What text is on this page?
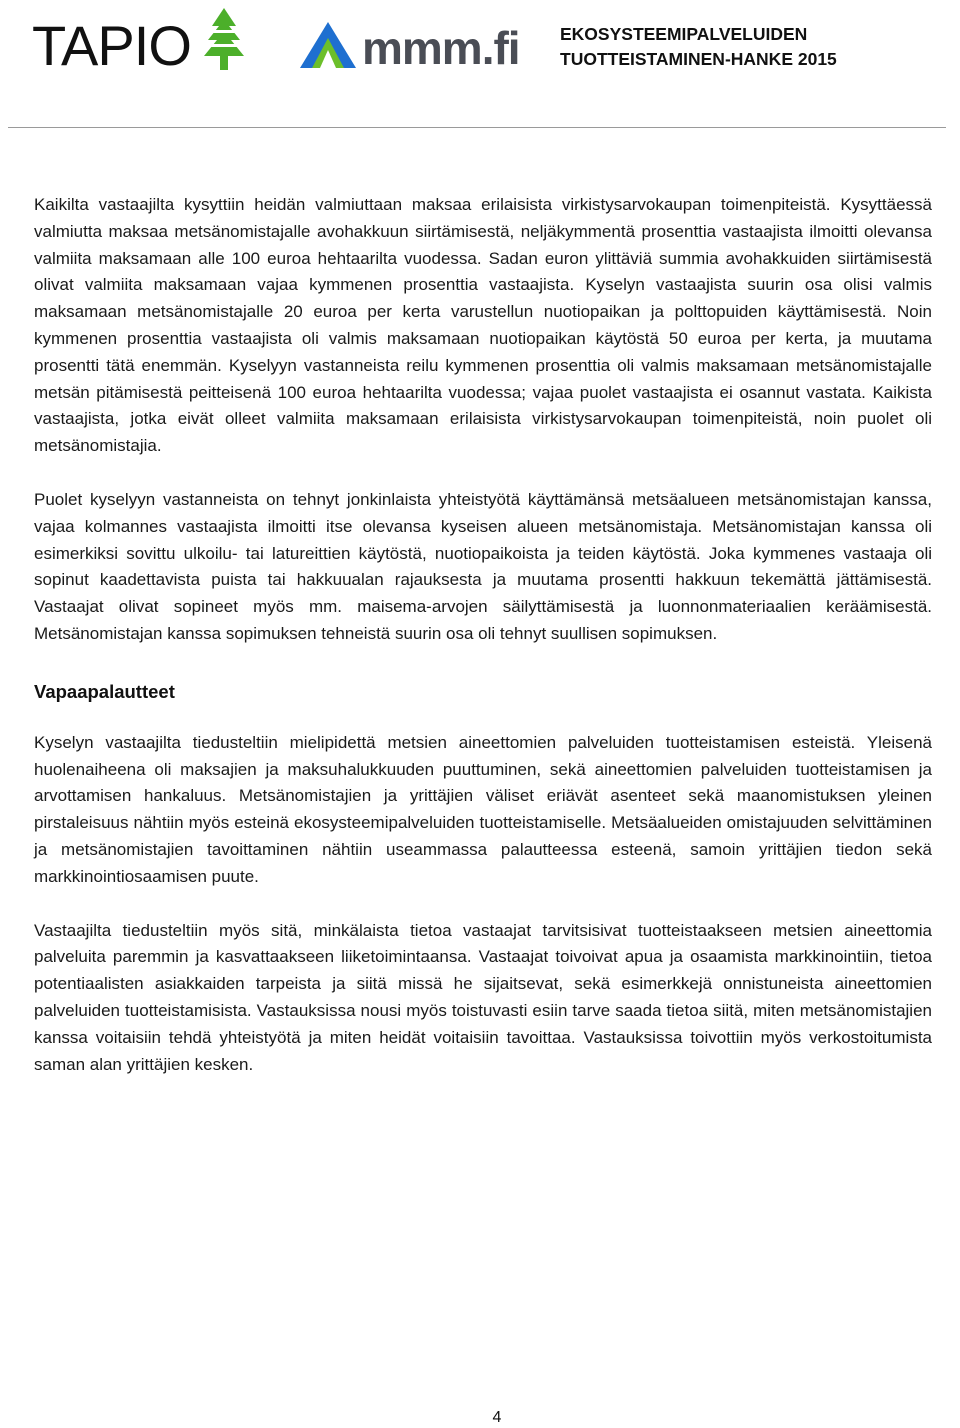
TAPIO	mmm.fi EKOSYSTEEMIPALVELUIDEN
TUOTTEISTAMINEN-HANKE 2015

Kaikilta vastaajilta kysyttiin heidän valmiuttaan maksaa erilaisista virkistysarvokaupan toimenpiteistä. Kysyttäessä valmiutta maksaa metsänomistajalle avohakkuun siirtämisestä, neljäkymmentä prosenttia vastaajista ilmoitti olevansa valmiita maksamaan alle 100 euroa hehtaarilta vuodessa. Sadan euron ylittäviä summia avohakkuiden siirtämisestä olivat valmiita maksamaan vajaa kymmenen prosenttia vastaajista. Kyselyn vastaajista suurin osa olisi valmis maksamaan metsänomistajalle 20 euroa per kerta varustellun nuotiopaikan ja polttopuiden käyttämisestä. Noin kymmenen prosenttia vastaajista oli valmis maksamaan nuotiopaikan käytöstä 50 euroa per kerta, ja muutama prosentti tätä enemmän. Kyselyyn vastanneista reilu kymmenen prosenttia oli valmis maksamaan metsänomistajalle metsän pitämisestä peitteisenä 100 euroa hehtaarilta vuodessa; vajaa puolet vastaajista ei osannut vastata. Kaikista vastaajista, jotka eivät olleet valmiita maksamaan erilaisista virkistysarvokaupan toimenpiteistä, noin puolet oli metsänomistajia.

Puolet kyselyyn vastanneista on tehnyt jonkinlaista yhteistyötä käyttämänsä metsäalueen metsänomistajan kanssa, vajaa kolmannes vastaajista ilmoitti itse olevansa kyseisen alueen metsänomistaja. Metsänomistajan kanssa oli esimerkiksi sovittu ulkoilu- tai latureittien käytöstä, nuotiopaikoista ja teiden käytöstä. Joka kymmenes vastaaja oli sopinut kaadettavista puista tai hakkuualan rajauksesta ja muutama prosentti hakkuun tekemättä jättämisestä. Vastaajat olivat sopineet myös mm. maisema-arvojen säilyttämisestä ja luonnonmateriaalien keräämisestä. Metsänomistajan kanssa sopimuksen tehneistä suurin osa oli tehnyt suullisen sopimuksen.

Vapaapalautteet

Kyselyn vastaajilta tiedusteltiin mielipidettä metsien aineettomien palveluiden tuotteistamisen esteistä. Yleisenä huolenaiheena oli maksajien ja maksuhalukkuuden puuttuminen, sekä aineettomien palveluiden tuotteistamisen ja arvottamisen hankaluus. Metsänomistajien ja yrittäjien väliset eriävät asenteet sekä maanomistuksen yleinen pirstaleisuus nähtiin myös esteinä ekosysteemipalveluiden tuotteistamiselle. Metsäalueiden omistajuuden selvittäminen ja metsänomistajien tavoittaminen nähtiin useammassa palautteessa esteenä, samoin yrittäjien tiedon sekä markkinointiosaamisen puute.

Vastaajilta tiedusteltiin myös sitä, minkälaista tietoa vastaajat tarvitsisivat tuotteistaakseen metsien aineettomia palveluita paremmin ja kasvattaakseen liiketoimintaansa. Vastaajat toivoivat apua ja osaamista markkinointiin, tietoa potentiaalisten asiakkaiden tarpeista ja siitä missä he sijaitsevat, sekä esimerkkejä onnistuneista aineettomien palveluiden tuotteistamisista. Vastauksissa nousi myös toistuvasti esiin tarve saada tietoa siitä, miten metsänomistajien kanssa voitaisiin tehdä yhteistyötä ja miten heidät voitaisiin tavoittaa. Vastauksissa toivottiin myös verkostoitumista saman alan yrittäjien kesken.

4
